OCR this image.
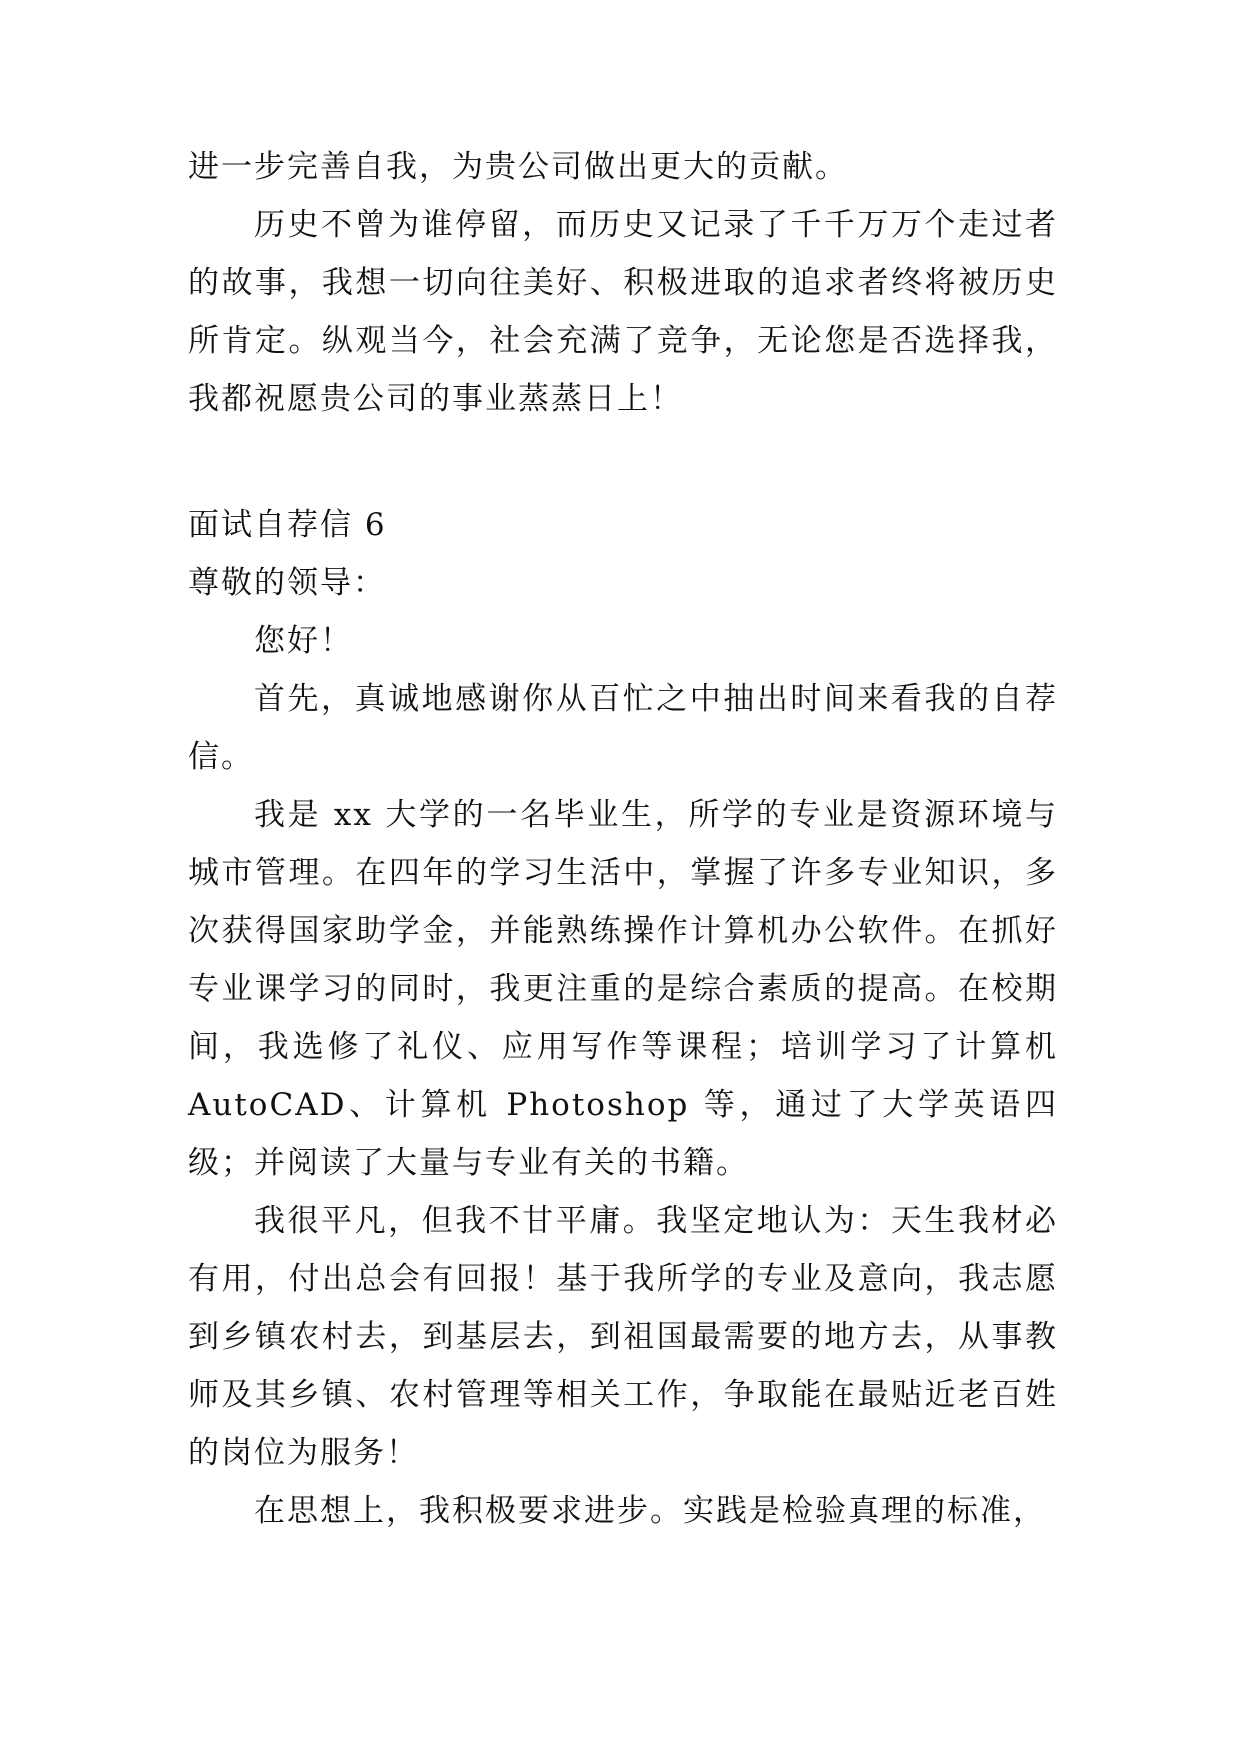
进一步完善自我，为贵公司做出更大的贡献。

历史不曾为谁停留，而历史又记录了千千万万个走过者的故事，我想一切向往美好、积极进取的追求者终将被历史所肯定。纵观当今，社会充满了竞争，无论您是否选择我，我都祝愿贵公司的事业蒸蒸日上！

面试自荐信 6

尊敬的领导：

您好！

首先，真诚地感谢你从百忙之中抽出时间来看我的自荐信。

我是 xx 大学的一名毕业生，所学的专业是资源环境与城市管理。在四年的学习生活中，掌握了许多专业知识，多次获得国家助学金，并能熟练操作计算机办公软件。在抓好专业课学习的同时，我更注重的是综合素质的提高。在校期间，我选修了礼仪、应用写作等课程；培训学习了计算机 AutoCAD、计算机 Photoshop 等，通过了大学英语四级；并阅读了大量与专业有关的书籍。

我很平凡，但我不甘平庸。我坚定地认为：天生我材必有用，付出总会有回报！基于我所学的专业及意向，我志愿到乡镇农村去，到基层去，到祖国最需要的地方去，从事教师及其乡镇、农村管理等相关工作，争取能在最贴近老百姓的岗位为服务！

在思想上，我积极要求进步。实践是检验真理的标准，
